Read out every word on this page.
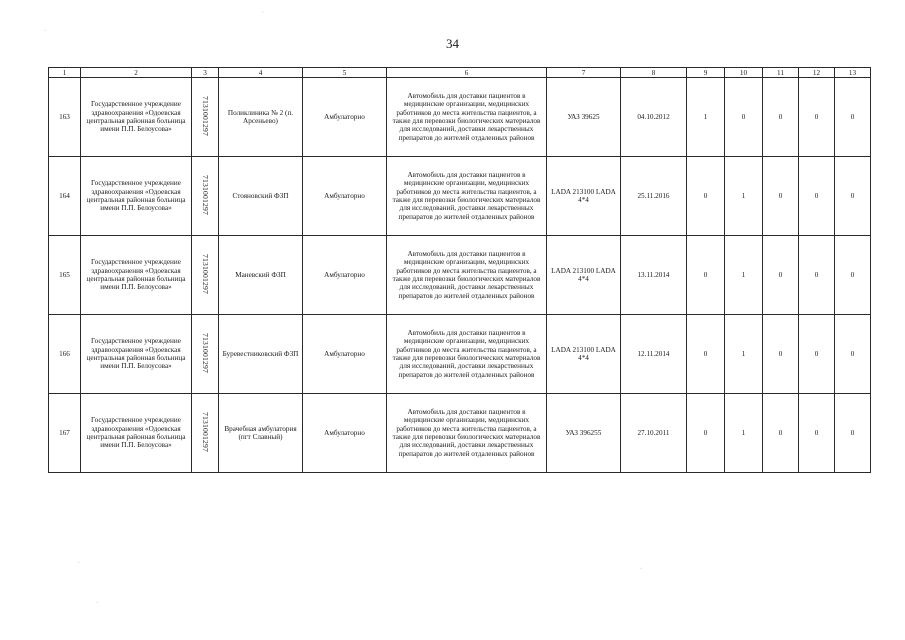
34
1	2	3	4	5	6	7	8	9	10	11	12	13
163	Государственное учреждение здравоохранения «Одоевская центральная районная больница имени П.П. Белоусова»	7131001297	Поликлиника № 2 (п. Арсеньево)	Амбулаторно	Автомобиль для доставки пациентов в медицинские организации, медицинских работников до места жительства пациентов, а также для перевозки биологических материалов для исследований, доставки лекарственных препаратов до жителей отдаленных районов	УАЗ 39625	04.10.2012	1	0	0	0	0
164	Государственное учреждение здравоохранения «Одоевская центральная районная больница имени П.П. Белоусова»	7131001297	Стояновский ФЗП	Амбулаторно	Автомобиль для доставки пациентов в медицинские организации, медицинских работников до места жительства пациентов, а также для перевозки биологических материалов для исследований, доставки лекарственных препаратов до жителей отдаленных районов	LADA 213100 LADA 4*4	25.11.2016	0	1	0	0	0
165	Государственное учреждение здравоохранения «Одоевская центральная районная больница имени П.П. Белоусова»	7131001297	Маневский ФЗП	Амбулаторно	Автомобиль для доставки пациентов в медицинские организации, медицинских работников до места жительства пациентов, а также для перевозки биологических материалов для исследований, доставки лекарственных препаратов до жителей отдаленных районов	LADA 213100 LADA 4*4	13.11.2014	0	1	0	0	0
166	Государственное учреждение здравоохранения «Одоевская центральная районная больница имени П.П. Белоусова»	7131001297	Буревестниковский ФЗП	Амбулаторно	Автомобиль для доставки пациентов в медицинские организации, медицинских работников до места жительства пациентов, а также для перевозки биологических материалов для исследований, доставки лекарственных препаратов до жителей отдаленных районов	LADA 213100 LADA 4*4	12.11.2014	0	1	0	0	0
167	Государственное учреждение здравоохранения «Одоевская центральная районная больница имени П.П. Белоусова»	7131001297	Врачебная амбулатория (пгт Славный)	Амбулаторно	Автомобиль для доставки пациентов в медицинские организации, медицинских работников до места жительства пациентов, а также для перевозки биологических материалов для исследований, доставки лекарственных препаратов до жителей отдаленных районов	УАЗ 396255	27.10.2011	0	1	0	0	0
·
·
·
·
·
